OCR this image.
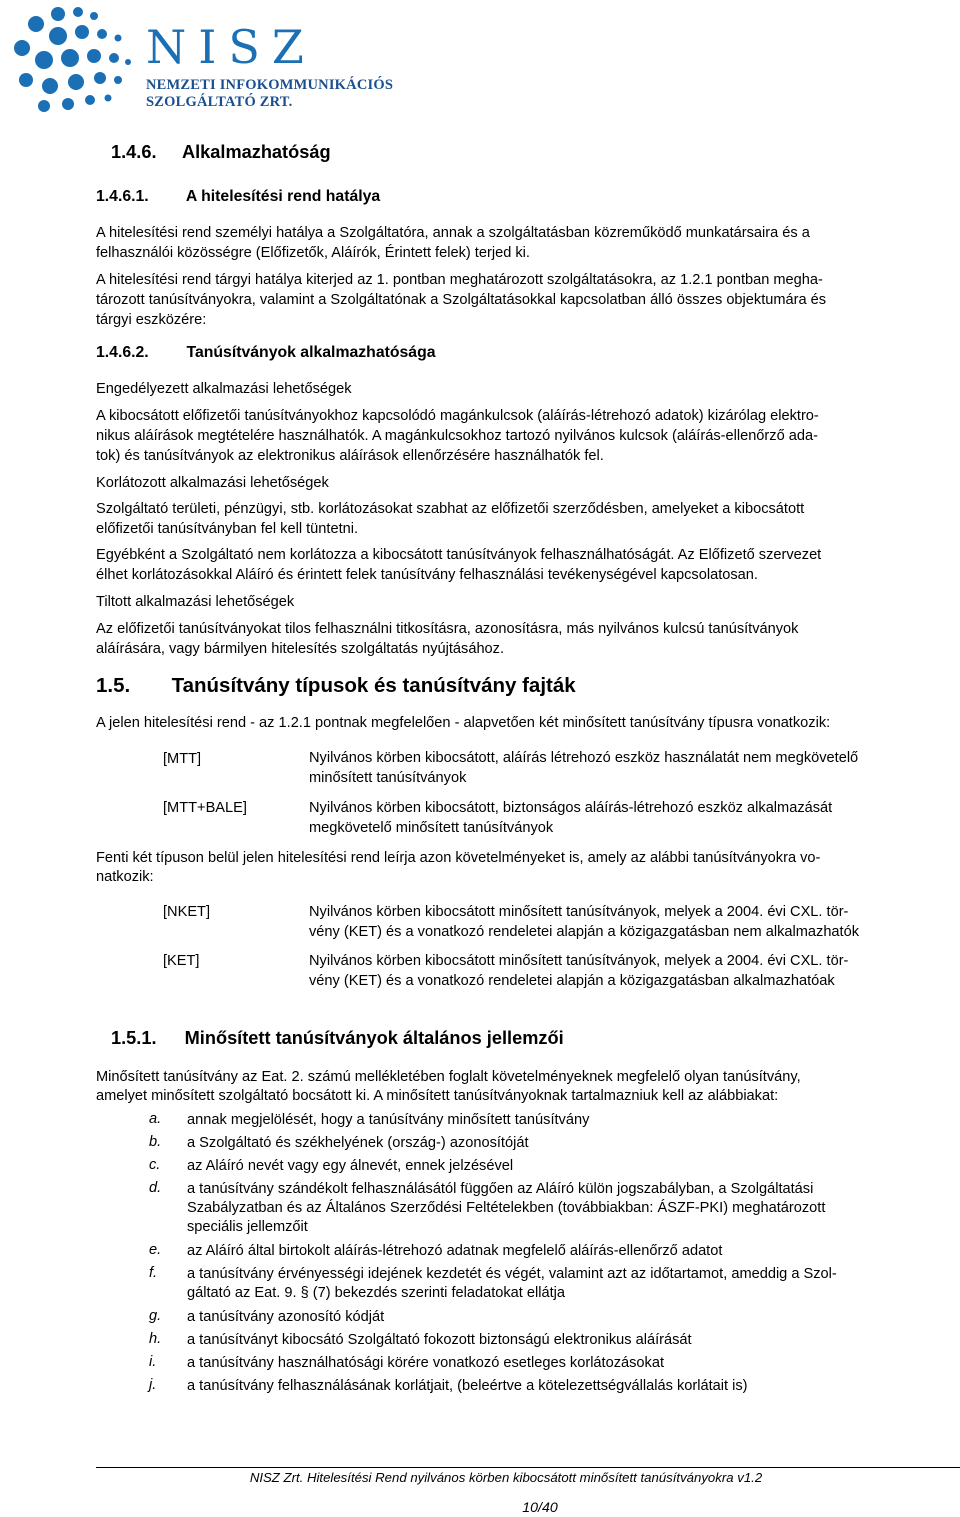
NISZ
NEMZETI INFOKOMMUNIKÁCIÓS
SZOLGÁLTATÓ ZRT.
1.4.6. Alkalmazhatóság
1.4.6.1. A hitelesítési rend hatálya
A hitelesítési rend személyi hatálya a Szolgáltatóra, annak a szolgáltatásban közreműködő munkatársaira és a
felhasználói közösségre (Előfizetők, Aláírók, Érintett felek) terjed ki.
A hitelesítési rend tárgyi hatálya kiterjed az 1. pontban meghatározott szolgáltatásokra, az 1.2.1 pontban megha-
tározott tanúsítványokra, valamint a Szolgáltatónak a Szolgáltatásokkal kapcsolatban álló összes objektumára és
tárgyi eszközére:
1.4.6.2. Tanúsítványok alkalmazhatósága
Engedélyezett alkalmazási lehetőségek
A kibocsátott előfizetői tanúsítványokhoz kapcsolódó magánkulcsok (aláírás-létrehozó adatok) kizárólag elektro-
nikus aláírások megtételére használhatók. A magánkulcsokhoz tartozó nyilvános kulcsok (aláírás-ellenőrző ada-
tok) és tanúsítványok az elektronikus aláírások ellenőrzésére használhatók fel.
Korlátozott alkalmazási lehetőségek
Szolgáltató területi, pénzügyi, stb. korlátozásokat szabhat az előfizetői szerződésben, amelyeket a kibocsátott
előfizetői tanúsítványban fel kell tüntetni.
Egyébként a Szolgáltató nem korlátozza a kibocsátott tanúsítványok felhasználhatóságát. Az Előfizető szervezet
élhet korlátozásokkal Aláíró és érintett felek tanúsítvány felhasználási tevékenységével kapcsolatosan.
Tiltott alkalmazási lehetőségek
Az előfizetői tanúsítványokat tilos felhasználni titkosításra, azonosításra, más nyilvános kulcsú tanúsítványok
aláírására, vagy bármilyen hitelesítés szolgáltatás nyújtásához.
1.5. Tanúsítvány típusok és tanúsítvány fajták
A jelen hitelesítési rend - az 1.2.1 pontnak megfelelően - alapvetően két minősített tanúsítvány típusra vonatkozik:
[MTT]	Nyilvános körben kibocsátott, aláírás létrehozó eszköz használatát nem megkövetelő
minősített tanúsítványok
[MTT+BALE]	Nyilvános körben kibocsátott, biztonságos aláírás-létrehozó eszköz alkalmazását
megkövetelő minősített tanúsítványok
Fenti két típuson belül jelen hitelesítési rend leírja azon követelményeket is, amely az alábbi tanúsítványokra vo-
natkozik:
[NKET]	Nyilvános körben kibocsátott minősített tanúsítványok, melyek a 2004. évi CXL. tör-
vény (KET) és a vonatkozó rendeletei alapján a közigazgatásban nem alkalmazhatók
[KET]	Nyilvános körben kibocsátott minősített tanúsítványok, melyek a 2004. évi CXL. tör-
vény (KET) és a vonatkozó rendeletei alapján a közigazgatásban alkalmazhatóak
1.5.1. Minősített tanúsítványok általános jellemzői
Minősített tanúsítvány az Eat. 2. számú mellékletében foglalt követelményeknek megfelelő olyan tanúsítvány,
amelyet minősített szolgáltató bocsátott ki. A minősített tanúsítványoknak tartalmazniuk kell az alábbiakat:
a. annak megjelölését, hogy a tanúsítvány minősített tanúsítvány
b. a Szolgáltató és székhelyének (ország-) azonosítóját
c. az Aláíró nevét vagy egy álnevét, ennek jelzésével
d. a tanúsítvány szándékolt felhasználásától függően az Aláíró külön jogszabályban, a Szolgáltatási
Szabályzatban és az Általános Szerződési Feltételekben (továbbiakban: ÁSZF-PKI) meghatározott
speciális jellemzőit
e. az Aláíró által birtokolt aláírás-létrehozó adatnak megfelelő aláírás-ellenőrző adatot
f. a tanúsítvány érvényességi idejének kezdetét és végét, valamint azt az időtartamot, ameddig a Szol-
gáltató az Eat. 9. § (7) bekezdés szerinti feladatokat ellátja
g. a tanúsítvány azonosító kódját
h. a tanúsítványt kibocsátó Szolgáltató fokozott biztonságú elektronikus aláírását
i. a tanúsítvány használhatósági körére vonatkozó esetleges korlátozásokat
j. a tanúsítvány felhasználásának korlátjait, (beleértve a kötelezettségvállalás korlátait is)
NISZ Zrt. Hitelesítési Rend nyilvános körben kibocsátott minősített tanúsítványokra v1.2
10/40
